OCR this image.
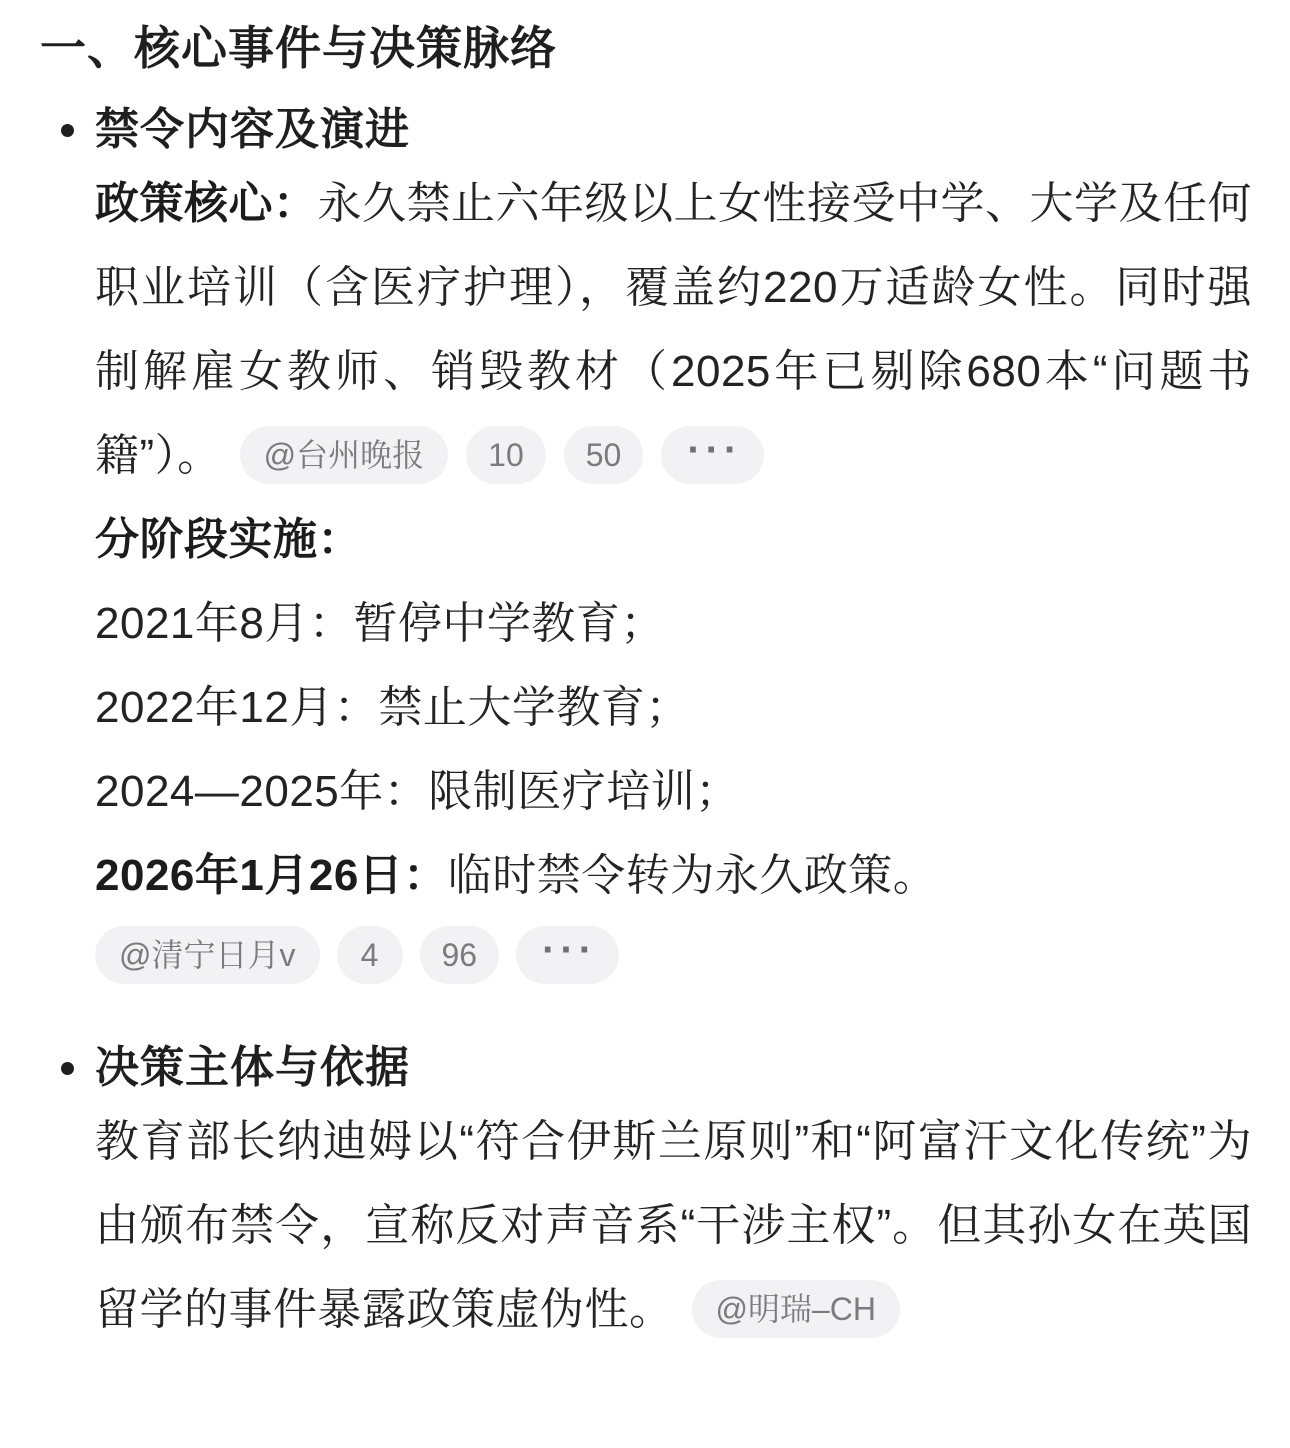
一、核心事件与决策脉络
禁令内容及演进

政策核心：永久禁止六年级以上女性接受中学、大学及任何职业培训（含医疗护理），覆盖约220万适龄女性。同时强制解雇女教师、销毁教材（2025年已剔除680本“问题书籍”）。 @台州晚报 10 50 ···

分阶段实施：

2021年8月：暂停中学教育；

2022年12月：禁止大学教育；

2024—2025年：限制医疗培训；

2026年1月26日：临时禁令转为永久政策。

@清宁日月v	4	96	···
决策主体与依据

教育部长纳迪姆以“符合伊斯兰原则”和“阿富汗文化传统”为由颁布禁令，宣称反对声音系“干涉主权”。但其孙女在英国留学的事件暴露政策虚伪性。 @明瑞–CH
